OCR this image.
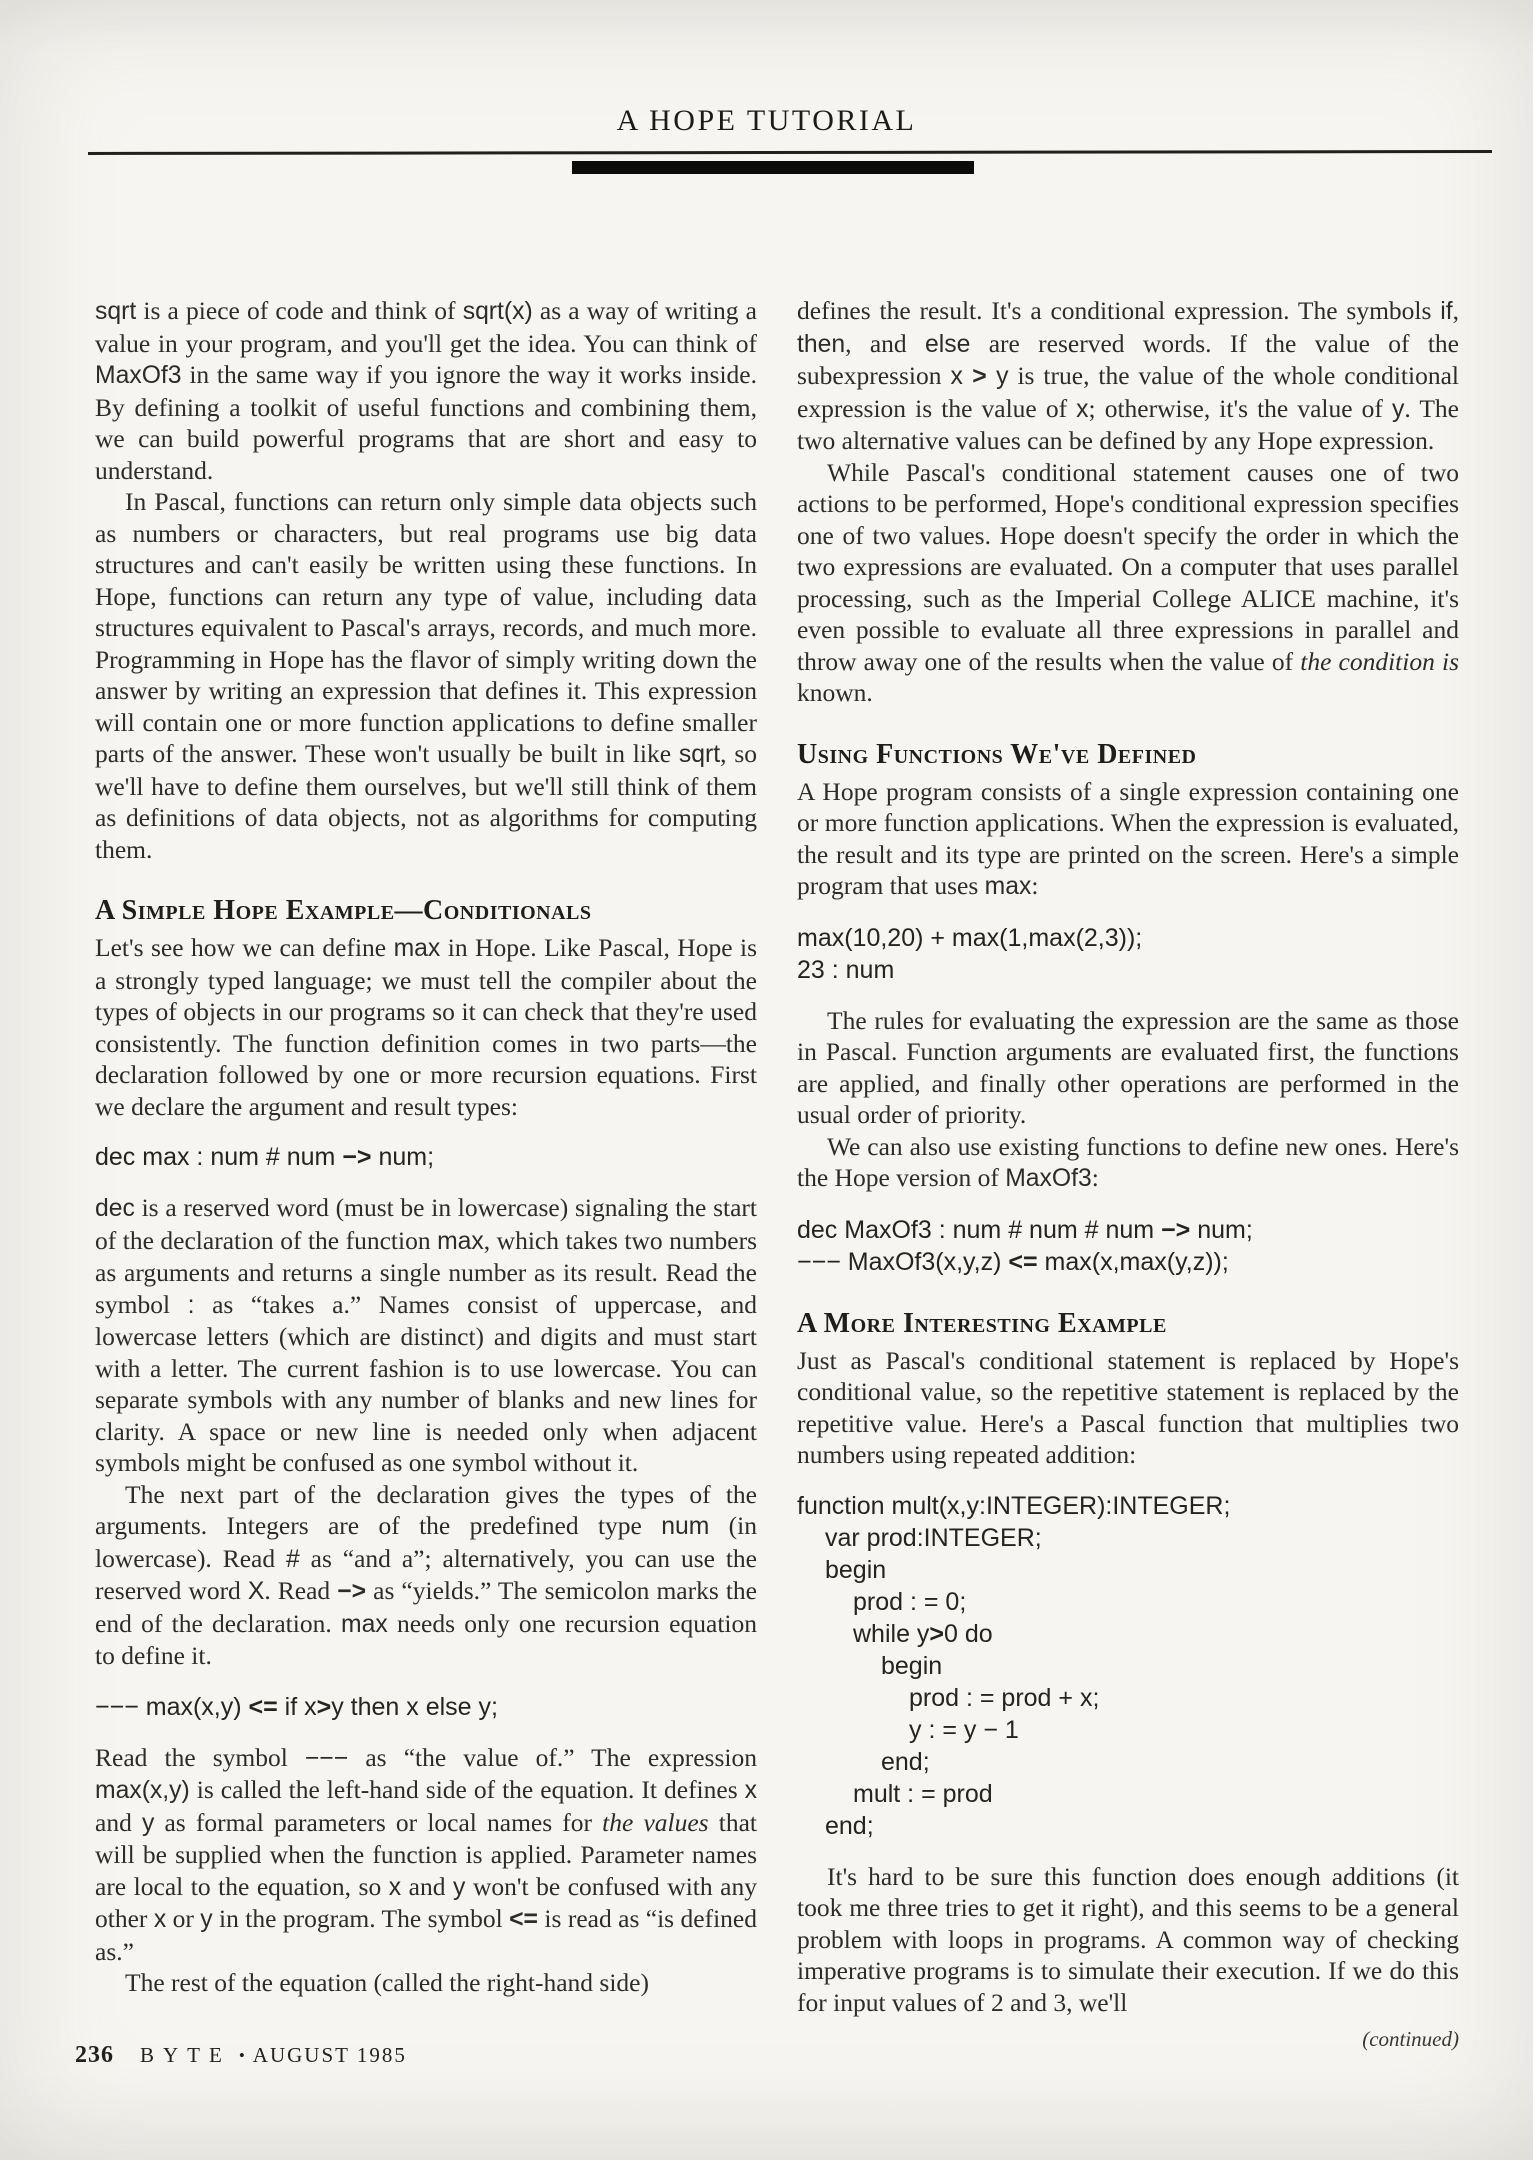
A HOPE TUTORIAL

sqrt is a piece of code and think of sqrt(x) as a way of writing a value in your program, and you'll get the idea. You can think of MaxOf3 in the same way if you ignore the way it works inside. By defining a toolkit of useful functions and combining them, we can build powerful programs that are short and easy to understand.

In Pascal, functions can return only simple data objects such as numbers or characters, but real programs use big data structures and can't easily be written using these functions. In Hope, functions can return any type of value, including data structures equivalent to Pascal's arrays, records, and much more. Programming in Hope has the flavor of simply writing down the answer by writing an expression that defines it. This expression will contain one or more function applications to define smaller parts of the answer. These won't usually be built in like sqrt, so we'll have to define them ourselves, but we'll still think of them as definitions of data objects, not as algorithms for computing them.

A Simple Hope Example—Conditionals

Let's see how we can define max in Hope. Like Pascal, Hope is a strongly typed language; we must tell the compiler about the types of objects in our programs so it can check that they're used consistently. The function definition comes in two parts—the declaration followed by one or more recursion equations. First we declare the argument and result types:

dec max : num # num −> num;

dec is a reserved word (must be in lowercase) signaling the start of the declaration of the function max, which takes two numbers as arguments and returns a single number as its result. Read the symbol : as “takes a.” Names consist of uppercase, and lowercase letters (which are distinct) and digits and must start with a letter. The current fashion is to use lowercase. You can separate symbols with any number of blanks and new lines for clarity. A space or new line is needed only when adjacent symbols might be confused as one symbol without it.

The next part of the declaration gives the types of the arguments. Integers are of the predefined type num (in lowercase). Read # as “and a”; alternatively, you can use the reserved word X. Read −> as “yields.” The semicolon marks the end of the declaration. max needs only one recursion equation to define it.

−−− max(x,y) <= if x>y then x else y;

Read the symbol −−− as “the value of.” The expression max(x,y) is called the left-hand side of the equation. It defines x and y as formal parameters or local names for the values that will be supplied when the function is applied. Parameter names are local to the equation, so x and y won't be confused with any other x or y in the program. The symbol <= is read as “is defined as.”

The rest of the equation (called the right-hand side)

defines the result. It's a conditional expression. The symbols if, then, and else are reserved words. If the value of the subexpression x > y is true, the value of the whole conditional expression is the value of x; otherwise, it's the value of y. The two alternative values can be defined by any Hope expression.

While Pascal's conditional statement causes one of two actions to be performed, Hope's conditional expression specifies one of two values. Hope doesn't specify the order in which the two expressions are evaluated. On a computer that uses parallel processing, such as the Imperial College ALICE machine, it's even possible to evaluate all three expressions in parallel and throw away one of the results when the value of the condition is known.

Using Functions We've Defined

A Hope program consists of a single expression containing one or more function applications. When the expression is evaluated, the result and its type are printed on the screen. Here's a simple program that uses max:

max(10,20) + max(1,max(2,3));
23 : num

The rules for evaluating the expression are the same as those in Pascal. Function arguments are evaluated first, the functions are applied, and finally other operations are performed in the usual order of priority.

We can also use existing functions to define new ones. Here's the Hope version of MaxOf3:

dec MaxOf3 : num # num # num −> num;
−−− MaxOf3(x,y,z) <= max(x,max(y,z));
A More Interesting Example

Just as Pascal's conditional statement is replaced by Hope's conditional value, so the repetitive statement is replaced by the repetitive value. Here's a Pascal function that multiplies two numbers using repeated addition:

function mult(x,y:INTEGER):INTEGER;
var prod:INTEGER;
begin
prod : = 0;
while y>0 do
begin
prod : = prod + x;
y : = y − 1
end;
mult : = prod
end;

It's hard to be sure this function does enough additions (it took me three tries to get it right), and this seems to be a general problem with loops in programs. A common way of checking imperative programs is to simulate their execution. If we do this for input values of 2 and 3, we'll

(continued)
236 BYTE • AUGUST 1985
